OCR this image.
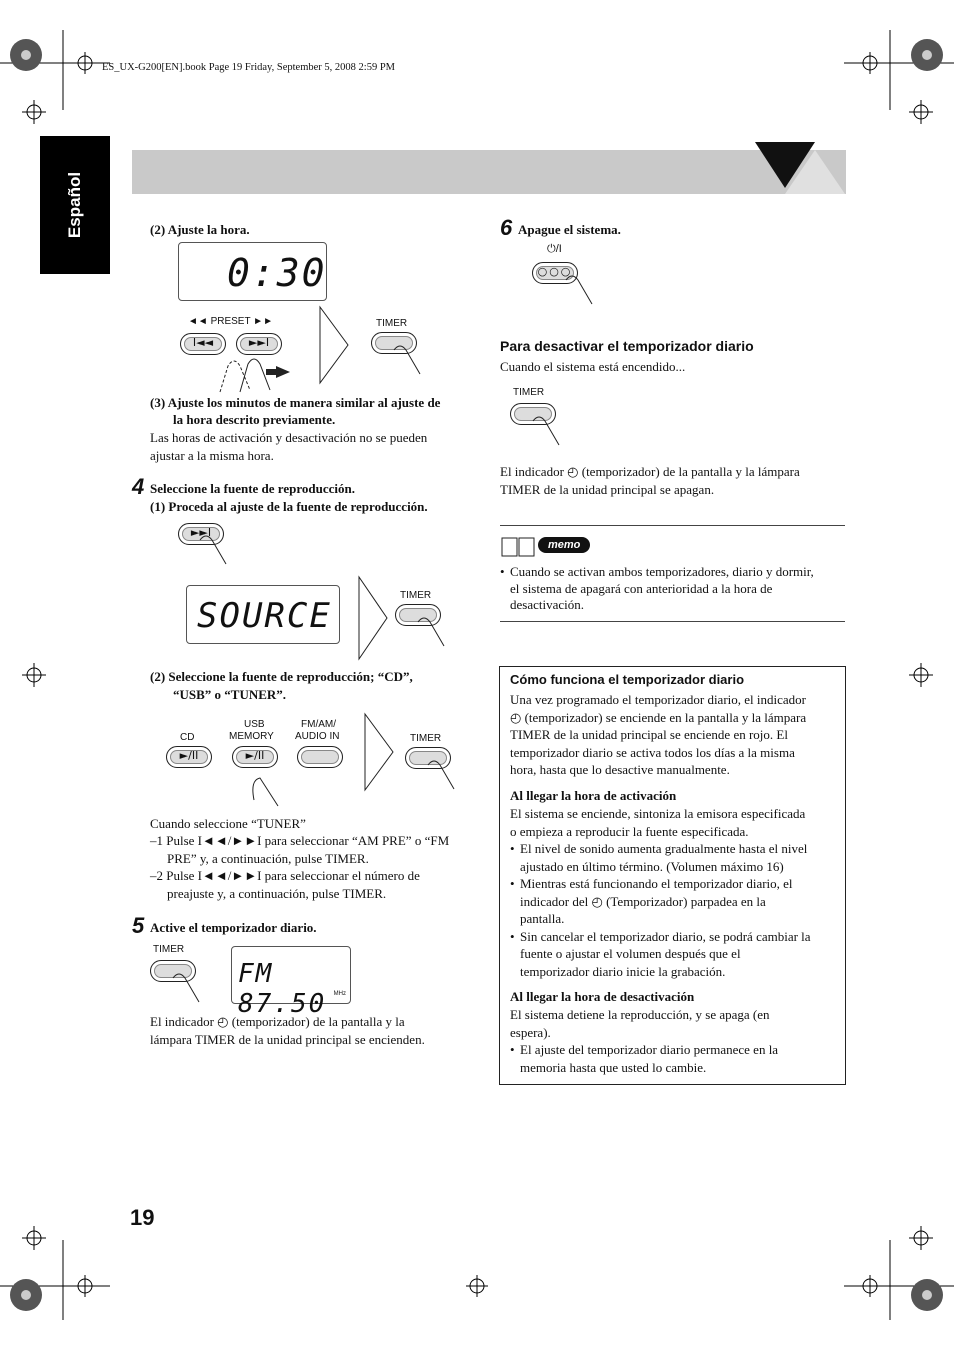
ES_UX-G200[EN].book Page 19 Friday, September 5, 2008 2:59 PM
Español	(2) Ajuste la hora.
0:30
◄◄ PRESET ►►
I◄◄	►►I
TIMER
(3) Ajuste los minutos de manera similar al ajuste de
la hora descrito previamente.
Las horas de activación y desactivación no se pueden
ajustar a la misma hora.
4 Seleccione la fuente de reproducción.
(1) Proceda al ajuste de la fuente de reproducción.
►►I
SOURCE
TIMER
(2) Seleccione la fuente de reproducción; “CD”,
“USB” o “TUNER”.
CD
►/II
USB
MEMORY
►/II
FM/AM/
AUDIO IN	TIMER
Cuando seleccione “TUNER”
–1 Pulse I◄◄/►►I para seleccionar “AM PRE” o “FM
PRE” y, a continuación, pulse TIMER.
–2 Pulse I◄◄/►►I para seleccionar el número de
preajuste y, a continuación, pulse TIMER.
5 Active el temporizador diario.
TIMER
FM 87.50	MHz
El indicador ◴ (temporizador) de la pantalla y la
lámpara TIMER de la unidad principal se encienden.
6 Apague el sistema.
⏻/I
○○○
Para desactivar el temporizador diario
Cuando el sistema está encendido...
TIMER
El indicador ◴ (temporizador) de la pantalla y la lámpara
TIMER de la unidad principal se apagan.
memo
• Cuando se activan ambos temporizadores, diario y dormir,
el sistema de apagará con anterioridad a la hora de
desactivación.
Cómo funciona el temporizador diario
Una vez programado el temporizador diario, el indicador
◴ (temporizador) se enciende en la pantalla y la lámpara
TIMER de la unidad principal se enciende en rojo. El
temporizador diario se activa todos los días a la misma
hora, hasta que lo desactive manualmente.
Al llegar la hora de activación
El sistema se enciende, sintoniza la emisora especificada
o empieza a reproducir la fuente especificada.
• El nivel de sonido aumenta gradualmente hasta el nivel
ajustado en último término. (Volumen máximo 16)
• Mientras está funcionando el temporizador diario, el
indicador del ◴ (Temporizador) parpadea en la
pantalla.
• Sin cancelar el temporizador diario, se podrá cambiar la
fuente o ajustar el volumen después que el
temporizador diario inicie la grabación.
Al llegar la hora de desactivación
El sistema detiene la reproducción, y se apaga (en
espera).
• El ajuste del temporizador diario permanece en la
memoria hasta que usted lo cambie.
19
